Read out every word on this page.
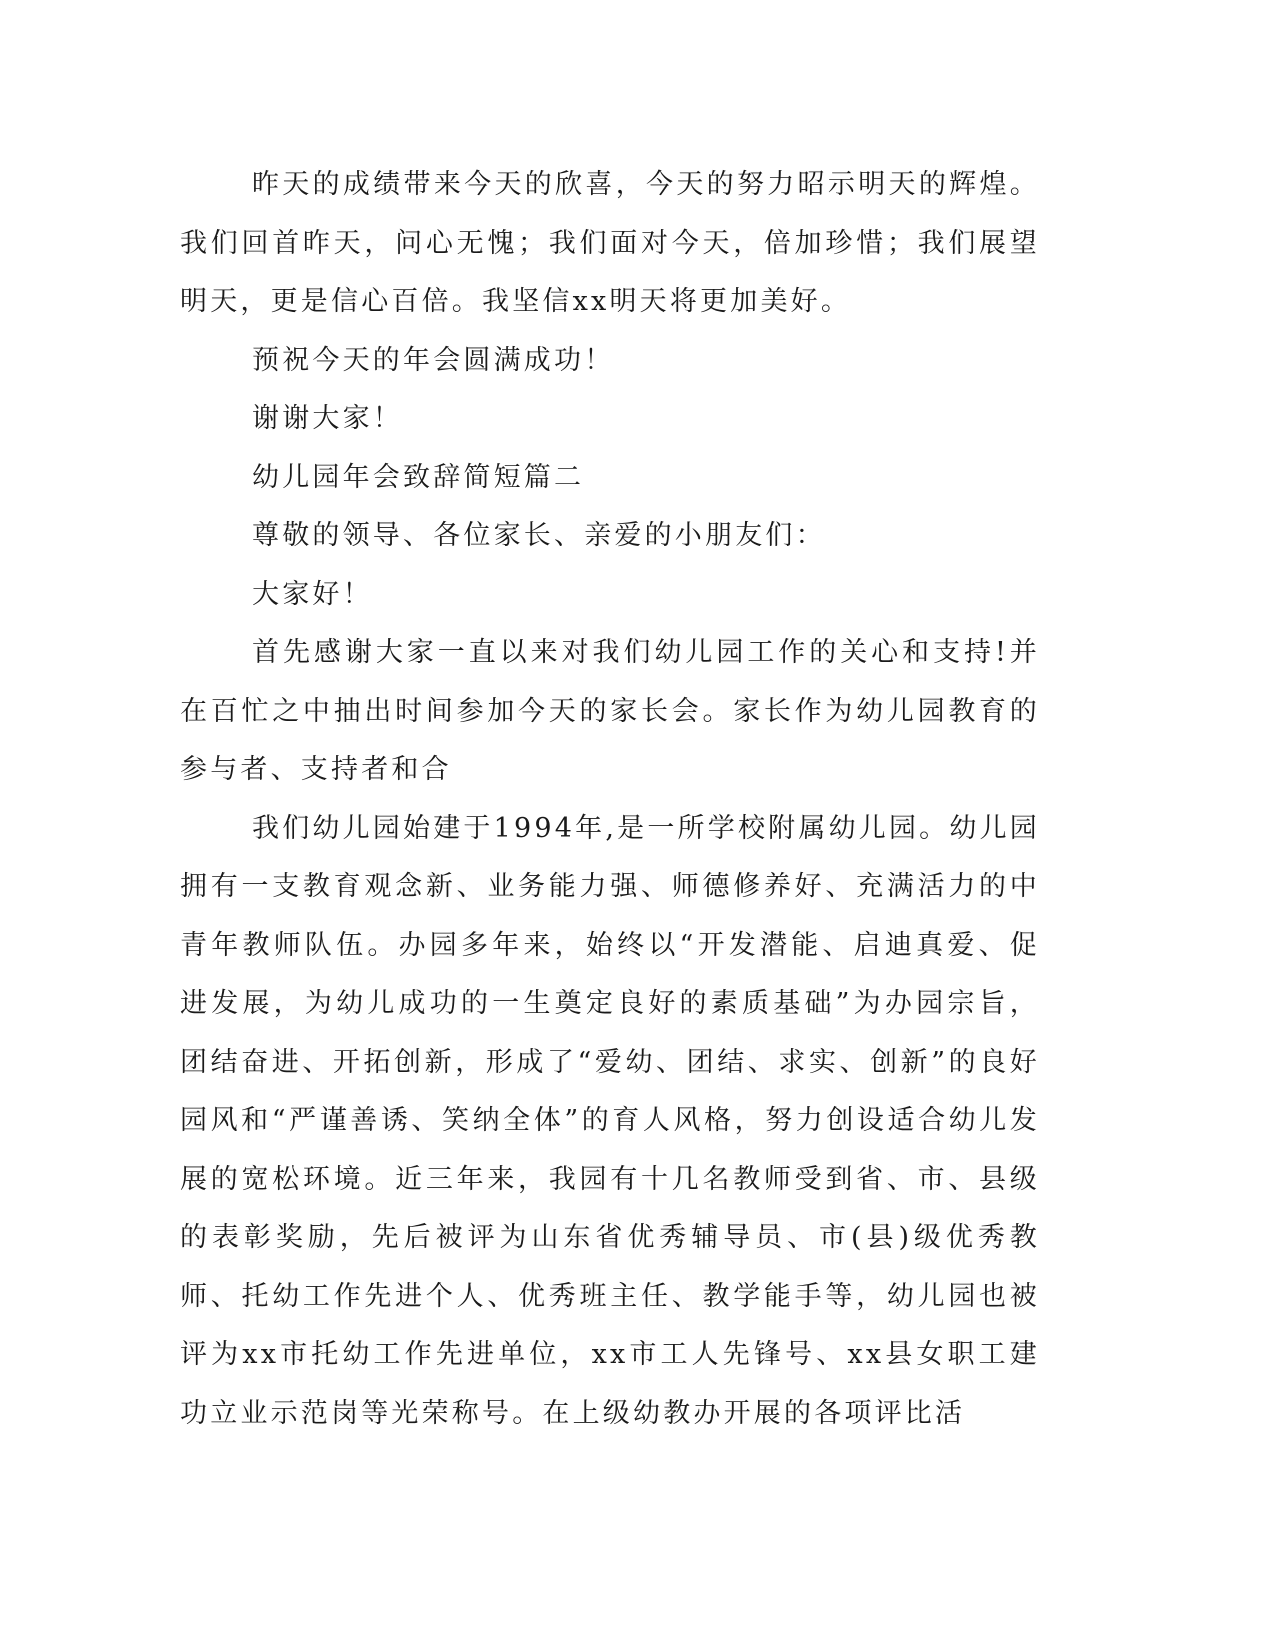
昨天的成绩带来今天的欣喜，今天的努力昭示明天的辉煌。我们回首昨天，问心无愧；我们面对今天，倍加珍惜；我们展望明天，更是信心百倍。我坚信xx明天将更加美好。

预祝今天的年会圆满成功！

谢谢大家！

幼儿园年会致辞简短篇二

尊敬的领导、各位家长、亲爱的小朋友们：

大家好！

首先感谢大家一直以来对我们幼儿园工作的关心和支持!并在百忙之中抽出时间参加今天的家长会。家长作为幼儿园教育的参与者、支持者和合

我们幼儿园始建于1994年,是一所学校附属幼儿园。幼儿园拥有一支教育观念新、业务能力强、师德修养好、充满活力的中青年教师队伍。办园多年来，始终以“开发潜能、启迪真爱、促进发展，为幼儿成功的一生奠定良好的素质基础”为办园宗旨，团结奋进、开拓创新，形成了“爱幼、团结、求实、创新”的良好园风和“严谨善诱、笑纳全体”的育人风格，努力创设适合幼儿发展的宽松环境。近三年来，我园有十几名教师受到省、市、县级的表彰奖励，先后被评为山东省优秀辅导员、市(县)级优秀教师、托幼工作先进个人、优秀班主任、教学能手等，幼儿园也被评为xx市托幼工作先进单位，xx市工人先锋号、xx县女职工建功立业示范岗等光荣称号。在上级幼教办开展的各项评比活
